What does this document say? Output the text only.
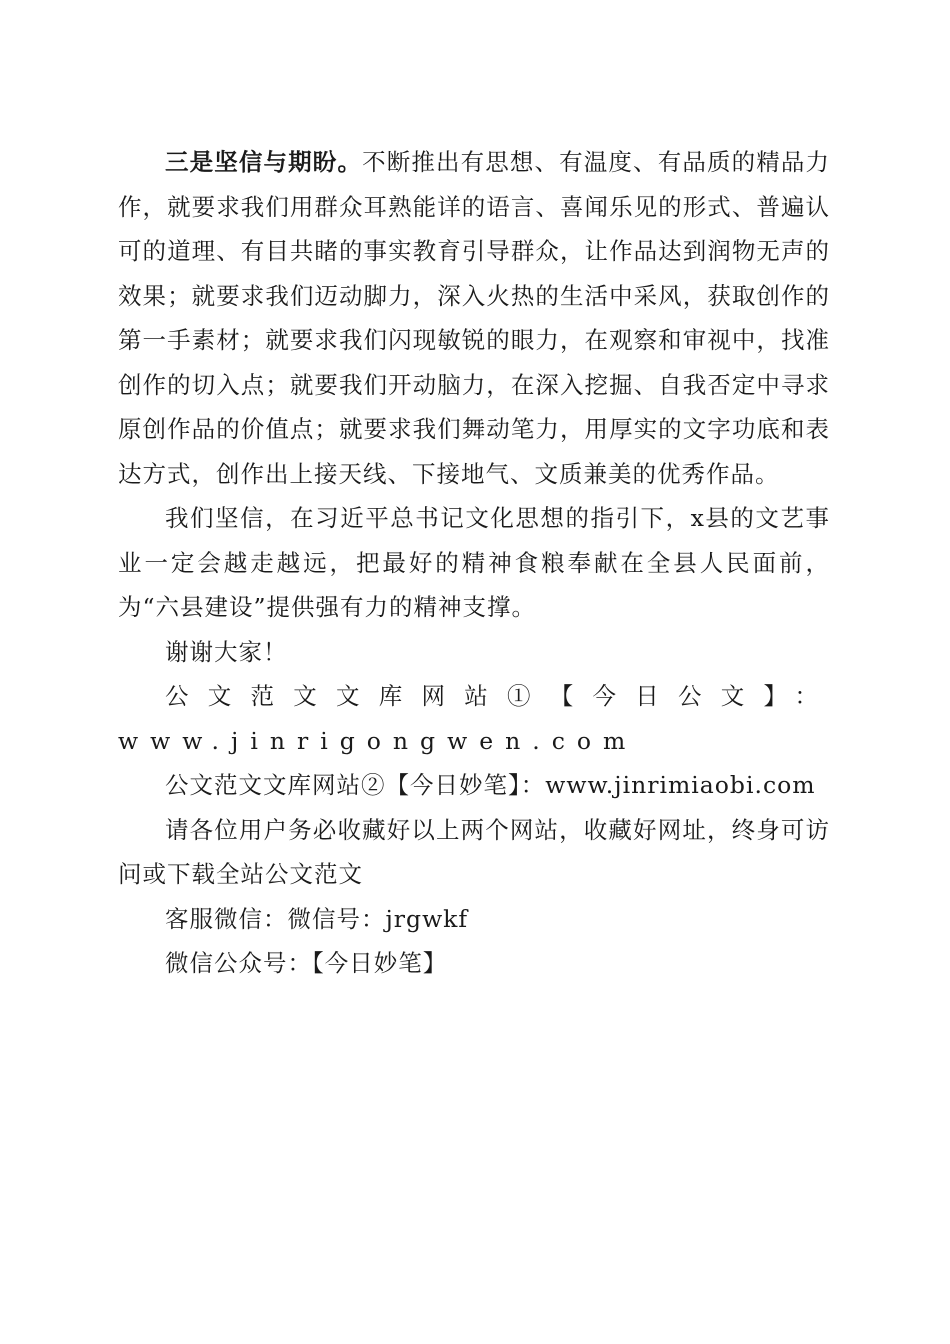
三是坚信与期盼。不断推出有思想、有温度、有品质的精品力作，就要求我们用群众耳熟能详的语言、喜闻乐见的形式、普遍认可的道理、有目共睹的事实教育引导群众，让作品达到润物无声的效果；就要求我们迈动脚力，深入火热的生活中采风，获取创作的第一手素材；就要求我们闪现敏锐的眼力，在观察和审视中，找准创作的切入点；就要我们开动脑力，在深入挖掘、自我否定中寻求原创作品的价值点；就要求我们舞动笔力，用厚实的文字功底和表达方式，创作出上接天线、下接地气、文质兼美的优秀作品。

我们坚信，在习近平总书记文化思想的指引下，x县的文艺事业一定会越走越远，把最好的精神食粮奉献在全县人民面前，为“六县建设”提供强有力的精神支撑。

谢谢大家！

公文范文文库网站①【今日公文】：www.jinrigongwen.com

公文范文文库网站②【今日妙笔】：www.jinrimiaobi.com

请各位用户务必收藏好以上两个网站，收藏好网址，终身可访问或下载全站公文范文

客服微信：微信号：jrgwkf

微信公众号：【今日妙笔】
